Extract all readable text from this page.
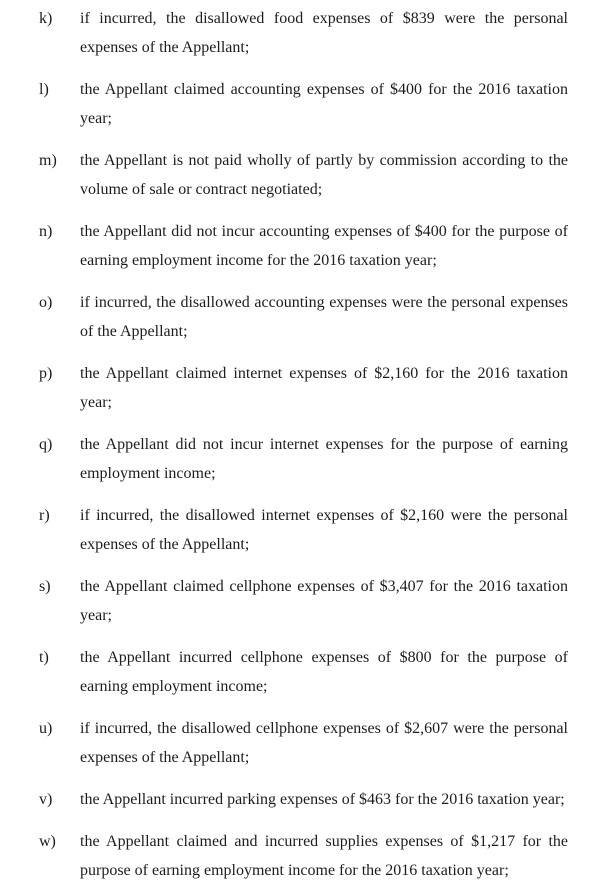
k)	if incurred, the disallowed food expenses of $839 were the personal expenses of the Appellant;
l)	the Appellant claimed accounting expenses of $400 for the 2016 taxation year;
m)	the Appellant is not paid wholly of partly by commission according to the volume of sale or contract negotiated;
n)	the Appellant did not incur accounting expenses of $400 for the purpose of earning employment income for the 2016 taxation year;
o)	if incurred, the disallowed accounting expenses were the personal expenses of the Appellant;
p)	the Appellant claimed internet expenses of $2,160 for the 2016 taxation year;
q)	the Appellant did not incur internet expenses for the purpose of earning employment income;
r)	if incurred, the disallowed internet expenses of $2,160 were the personal expenses of the Appellant;
s)	the Appellant claimed cellphone expenses of $3,407 for the 2016 taxation year;
t)	the Appellant incurred cellphone expenses of $800 for the purpose of earning employment income;
u)	if incurred, the disallowed cellphone expenses of $2,607 were the personal expenses of the Appellant;
v)	the Appellant incurred parking expenses of $463 for the 2016 taxation year;
w)	the Appellant claimed and incurred supplies expenses of $1,217 for the purpose of earning employment income for the 2016 taxation year;
